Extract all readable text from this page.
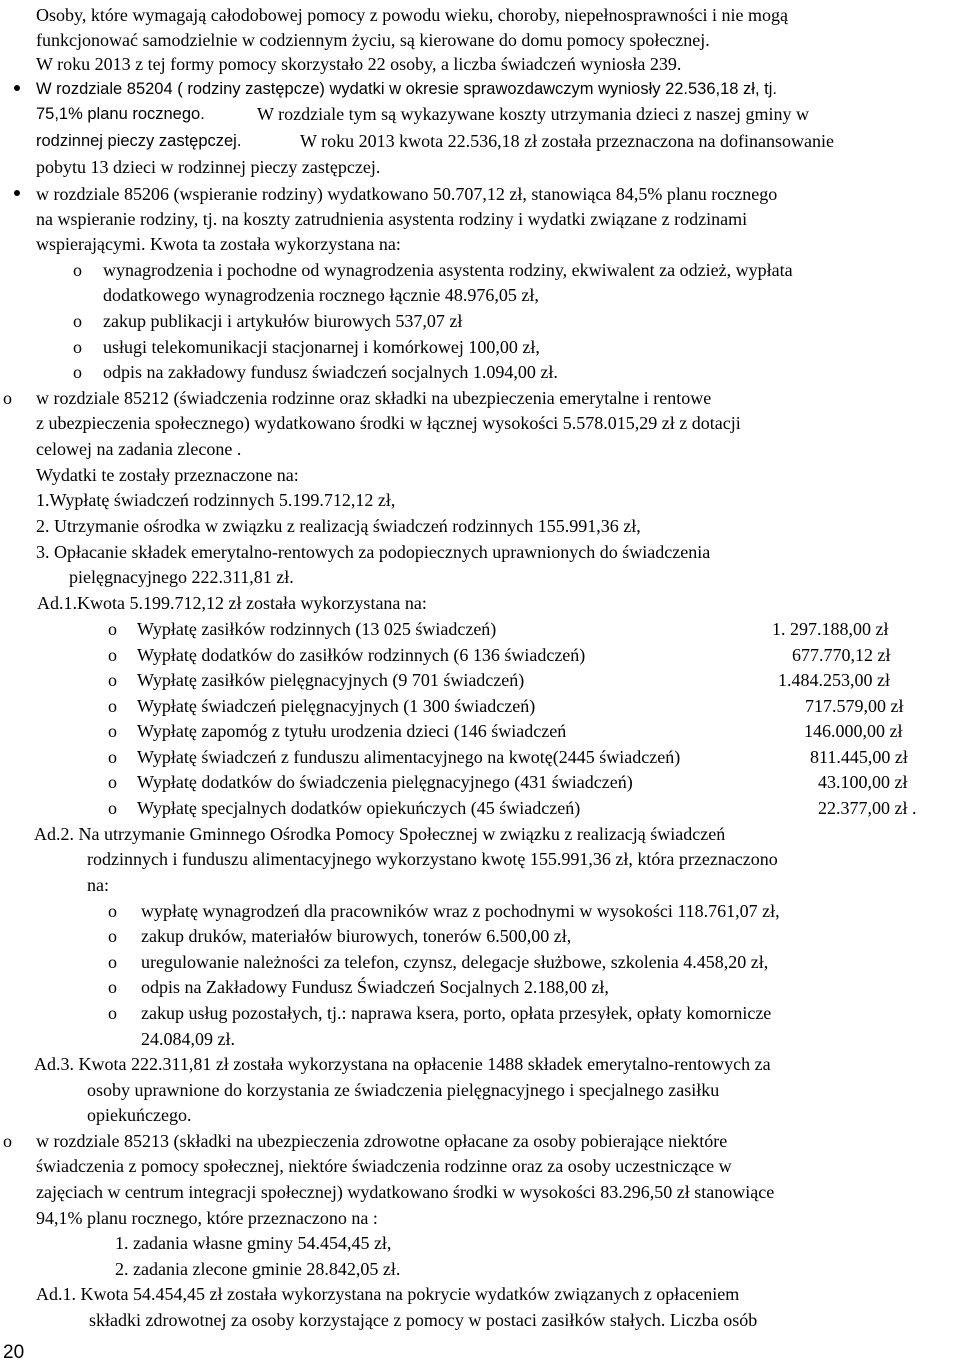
Osoby, które wymagają całodobowej pomocy z powodu wieku, choroby, niepełnosprawności i nie mogą
funkcjonować samodzielnie w codziennym życiu, są kierowane do domu pomocy społecznej.
W roku 2013 z tej formy pomocy skorzystało 22 osoby, a liczba świadczeń wyniosła 239.
W rozdziale 85204 ( rodziny zastępcze) wydatki w okresie sprawozdawczym wyniosły 22.536,18 zł, tj.
75,1% planu rocznego.	W rozdziale tym są wykazywane koszty utrzymania dzieci z naszej gminy w
rodzinnej pieczy zastępczej.	W roku 2013 kwota 22.536,18 zł została przeznaczona na dofinansowanie
pobytu 13 dzieci w rodzinnej pieczy zastępczej.
w rozdziale 85206 (wspieranie rodziny) wydatkowano 50.707,12 zł, stanowiąca 84,5% planu rocznego
na wspieranie rodziny, tj. na koszty zatrudnienia asystenta rodziny i wydatki związane z rodzinami
wspierającymi. Kwota ta została wykorzystana na:
o wynagrodzenia i pochodne od wynagrodzenia asystenta rodziny, ekwiwalent za odzież, wypłata
dodatkowego wynagrodzenia rocznego łącznie 48.976,05 zł,
o zakup publikacji i artykułów biurowych 537,07 zł
o usługi telekomunikacji stacjonarnej i komórkowej 100,00 zł,
o odpis na zakładowy fundusz świadczeń socjalnych 1.094,00 zł.
o w rozdziale 85212 (świadczenia rodzinne oraz składki na ubezpieczenia emerytalne i rentowe
z ubezpieczenia społecznego) wydatkowano środki w łącznej wysokości 5.578.015,29 zł z dotacji
celowej na zadania zlecone .
Wydatki te zostały przeznaczone na:
1.Wypłatę świadczeń rodzinnych 5.199.712,12 zł,
2. Utrzymanie ośrodka w związku z realizacją świadczeń rodzinnych 155.991,36 zł,
3. Opłacanie składek emerytalno-rentowych za podopiecznych uprawnionych do świadczenia
pielęgnacyjnego 222.311,81 zł.
Ad.1.Kwota 5.199.712,12 zł została wykorzystana na:
o Wypłatę zasiłków rodzinnych (13 025 świadczeń)	1. 297.188,00 zł
o Wypłatę dodatków do zasiłków rodzinnych (6 136 świadczeń)	677.770,12 zł
o Wypłatę zasiłków pielęgnacyjnych (9 701 świadczeń)	1.484.253,00 zł
o Wypłatę świadczeń pielęgnacyjnych (1 300 świadczeń)	717.579,00 zł
o Wypłatę zapomóg z tytułu urodzenia dzieci (146 świadczeń	146.000,00 zł
o Wypłatę świadczeń z funduszu alimentacyjnego na kwotę(2445 świadczeń)	811.445,00 zł
o Wypłatę dodatków do świadczenia pielęgnacyjnego (431 świadczeń)	43.100,00 zł
o Wypłatę specjalnych dodatków opiekuńczych (45 świadczeń)	22.377,00 zł .
Ad.2. Na utrzymanie Gminnego Ośrodka Pomocy Społecznej w związku z realizacją świadczeń
rodzinnych i funduszu alimentacyjnego wykorzystano kwotę 155.991,36 zł, która przeznaczono
na:
o wypłatę wynagrodzeń dla pracowników wraz z pochodnymi w wysokości 118.761,07 zł,
o zakup druków, materiałów biurowych, tonerów 6.500,00 zł,
o uregulowanie należności za telefon, czynsz, delegacje służbowe, szkolenia 4.458,20 zł,
o odpis na Zakładowy Fundusz Świadczeń Socjalnych 2.188,00 zł,
o zakup usług pozostałych, tj.: naprawa ksera, porto, opłata przesyłek, opłaty komornicze
24.084,09 zł.
Ad.3. Kwota 222.311,81 zł została wykorzystana na opłacenie 1488 składek emerytalno-rentowych za
osoby uprawnione do korzystania ze świadczenia pielęgnacyjnego i specjalnego zasiłku
opiekuńczego.
o w rozdziale 85213 (składki na ubezpieczenia zdrowotne opłacane za osoby pobierające niektóre
świadczenia z pomocy społecznej, niektóre świadczenia rodzinne oraz za osoby uczestniczące w
zajęciach w centrum integracji społecznej) wydatkowano środki w wysokości 83.296,50 zł stanowiące
94,1% planu rocznego, które przeznaczono na :
1. zadania własne gminy 54.454,45 zł,
2. zadania zlecone gminie 28.842,05 zł.
Ad.1. Kwota 54.454,45 zł została wykorzystana na pokrycie wydatków związanych z opłaceniem
składki zdrowotnej za osoby korzystające z pomocy w postaci zasiłków stałych. Liczba osób
20
